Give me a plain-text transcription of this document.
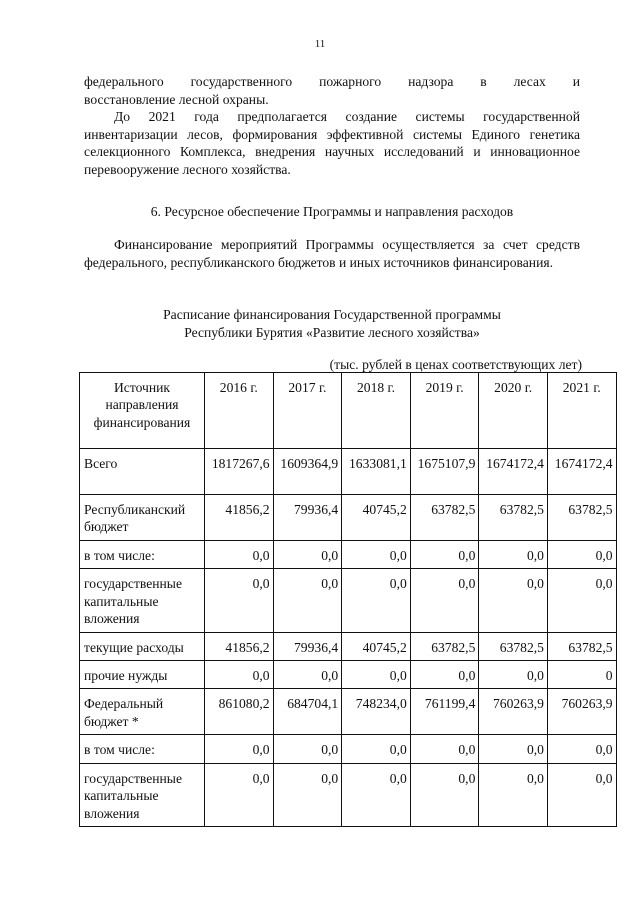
11
федерального государственного пожарного надзора в лесах и
восстановление лесной охраны.
До 2021 года предполагается создание системы государственной инвентаризации лесов, формирования эффективной системы Единого генетика селекционного Комплекса, внедрения научных исследований и инновационное перевооружение лесного хозяйства.
6. Ресурсное обеспечение Программы и направления расходов
Финансирование мероприятий Программы осуществляется за счет средств федерального, республиканского бюджетов и иных источников финансирования.
Расписание финансирования Государственной программы
Республики Бурятия «Развитие лесного хозяйства»
(тыс. рублей в ценах соответствующих лет)
Источник направления финансирования	2016 г.	2017 г.	2018 г.	2019 г.	2020 г.	2021 г.
Всего	1817267,6	1609364,9	1633081,1	1675107,9	1674172,4	1674172,4
Республиканский бюджет	41856,2	79936,4	40745,2	63782,5	63782,5	63782,5
в том числе:	0,0	0,0	0,0	0,0	0,0	0,0
государственные капитальные вложения	0,0	0,0	0,0	0,0	0,0	0,0
текущие расходы	41856,2	79936,4	40745,2	63782,5	63782,5	63782,5
прочие нужды	0,0	0,0	0,0	0,0	0,0	0
Федеральный бюджет *	861080,2	684704,1	748234,0	761199,4	760263,9	760263,9
в том числе:	0,0	0,0	0,0	0,0	0,0	0,0
государственные капитальные вложения	0,0	0,0	0,0	0,0	0,0	0,0
